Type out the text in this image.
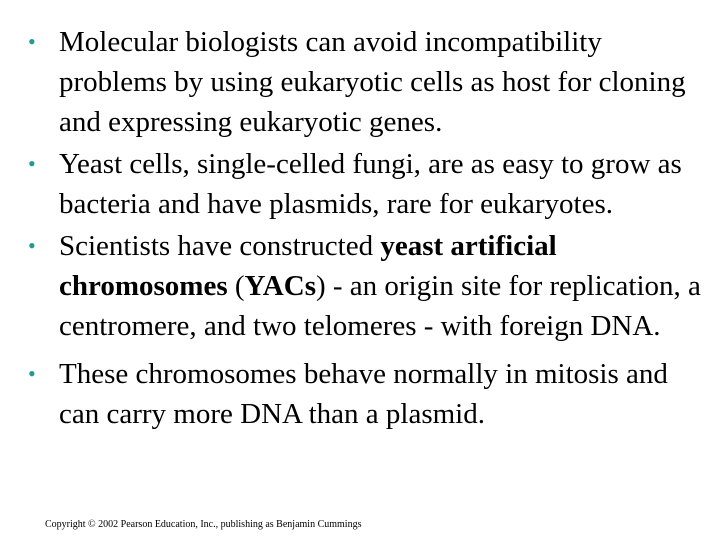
• Molecular biologists can avoid incompatibility problems by using eukaryotic cells as host for cloning and expressing eukaryotic genes.
• Yeast cells, single-celled fungi, are as easy to grow as bacteria and have plasmids, rare for eukaryotes.
• Scientists have constructed yeast artificial chromosomes (YACs) - an origin site for replication, a centromere, and two telomeres - with foreign DNA.
• These chromosomes behave normally in mitosis and can carry more DNA than a plasmid.
Copyright © 2002 Pearson Education, Inc., publishing as Benjamin Cummings
